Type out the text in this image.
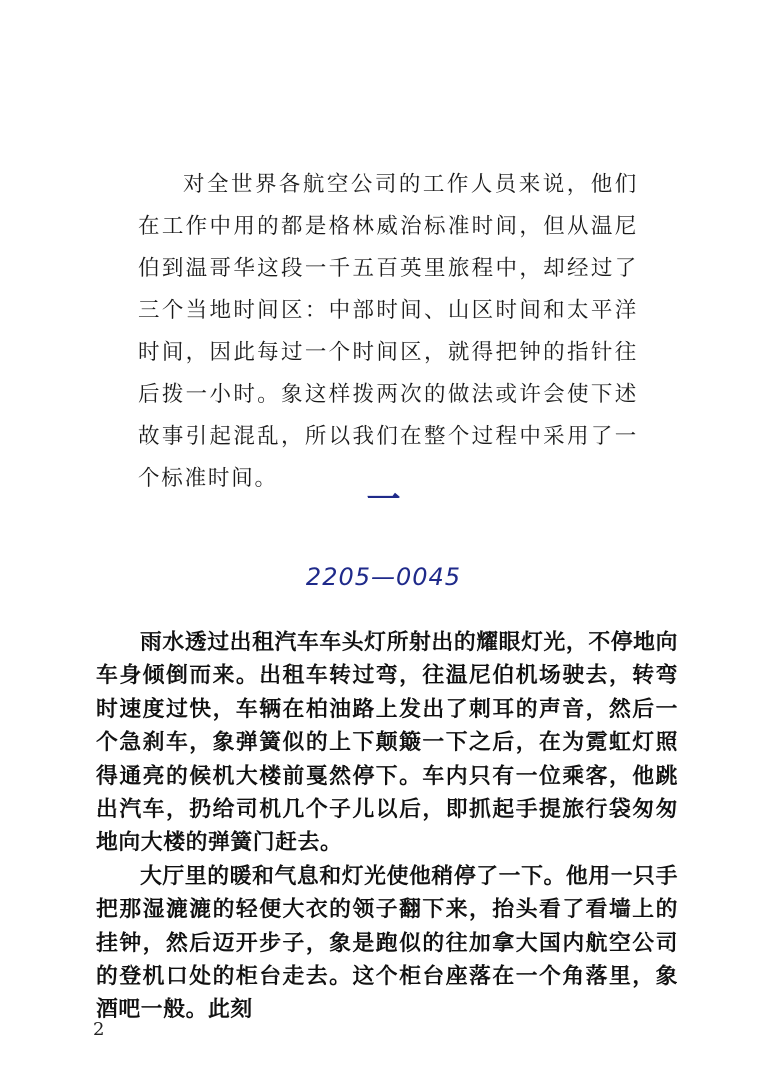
对全世界各航空公司的工作人员来说，他们在工作中用的都是格林威治标准时间，但从温尼伯到温哥华这段一千五百英里旅程中，却经过了三个当地时间区：中部时间、山区时间和太平洋时间，因此每过一个时间区，就得把钟的指针往后拨一小时。象这样拨两次的做法或许会使下述故事引起混乱，所以我们在整个过程中采用了一个标准时间。

一
2205—0045

雨水透过出租汽车车头灯所射出的耀眼灯光，不停地向车身倾倒而来。出租车转过弯，往温尼伯机场驶去，转弯时速度过快，车辆在柏油路上发出了刺耳的声音，然后一个急刹车，象弹簧似的上下颠簸一下之后，在为霓虹灯照得通亮的候机大楼前戛然停下。车内只有一位乘客，他跳出汽车，扔给司机几个子儿以后，即抓起手提旅行袋匆匆地向大楼的弹簧门赶去。

大厅里的暖和气息和灯光使他稍停了一下。他用一只手把那湿漉漉的轻便大衣的领子翻下来，抬头看了看墙上的挂钟，然后迈开步子，象是跑似的往加拿大国内航空公司的登机口处的柜台走去。这个柜台座落在一个角落里，象酒吧一般。此刻

2
